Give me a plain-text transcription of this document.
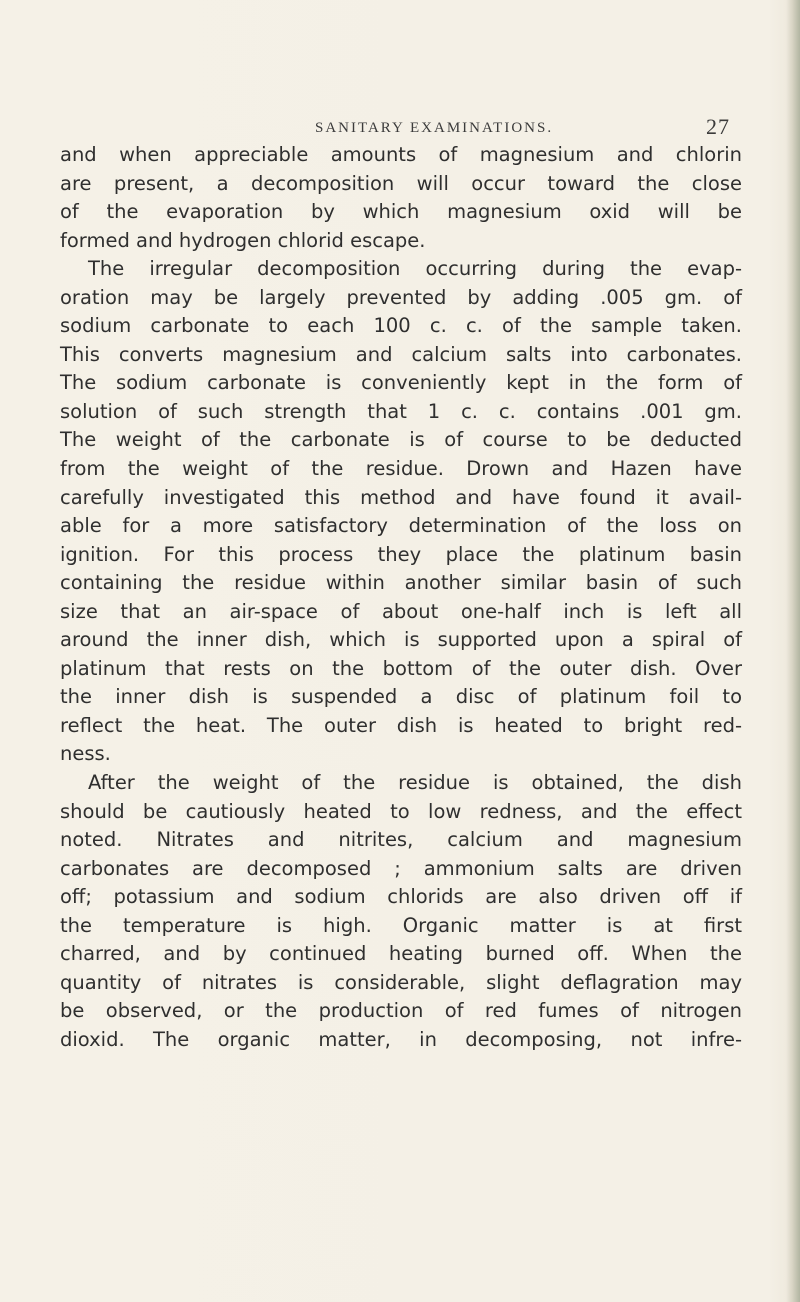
SANITARY EXAMINATIONS.	27
and when appreciable amounts of magnesium and chlorin
are present, a decomposition will occur toward the close
of the evaporation by which magnesium oxid will be
formed and hydrogen chlorid escape.
The irregular decomposition occurring during the evap-
oration may be largely prevented by adding .005 gm. of
sodium carbonate to each 100 c. c. of the sample taken.
This converts magnesium and calcium salts into carbonates.
The sodium carbonate is conveniently kept in the form of
solution of such strength that 1 c. c. contains .001 gm.
The weight of the carbonate is of course to be deducted
from the weight of the residue. Drown and Hazen have
carefully investigated this method and have found it avail-
able for a more satisfactory determination of the loss on
ignition. For this process they place the platinum basin
containing the residue within another similar basin of such
size that an air-space of about one-half inch is left all
around the inner dish, which is supported upon a spiral of
platinum that rests on the bottom of the outer dish. Over
the inner dish is suspended a disc of platinum foil to
reflect the heat. The outer dish is heated to bright red-
ness.
After the weight of the residue is obtained, the dish
should be cautiously heated to low redness, and the effect
noted. Nitrates and nitrites, calcium and magnesium
carbonates are decomposed ; ammonium salts are driven
off; potassium and sodium chlorids are also driven off if
the temperature is high. Organic matter is at first
charred, and by continued heating burned off. When the
quantity of nitrates is considerable, slight deflagration may
be observed, or the production of red fumes of nitrogen
dioxid. The organic matter, in decomposing, not infre-
